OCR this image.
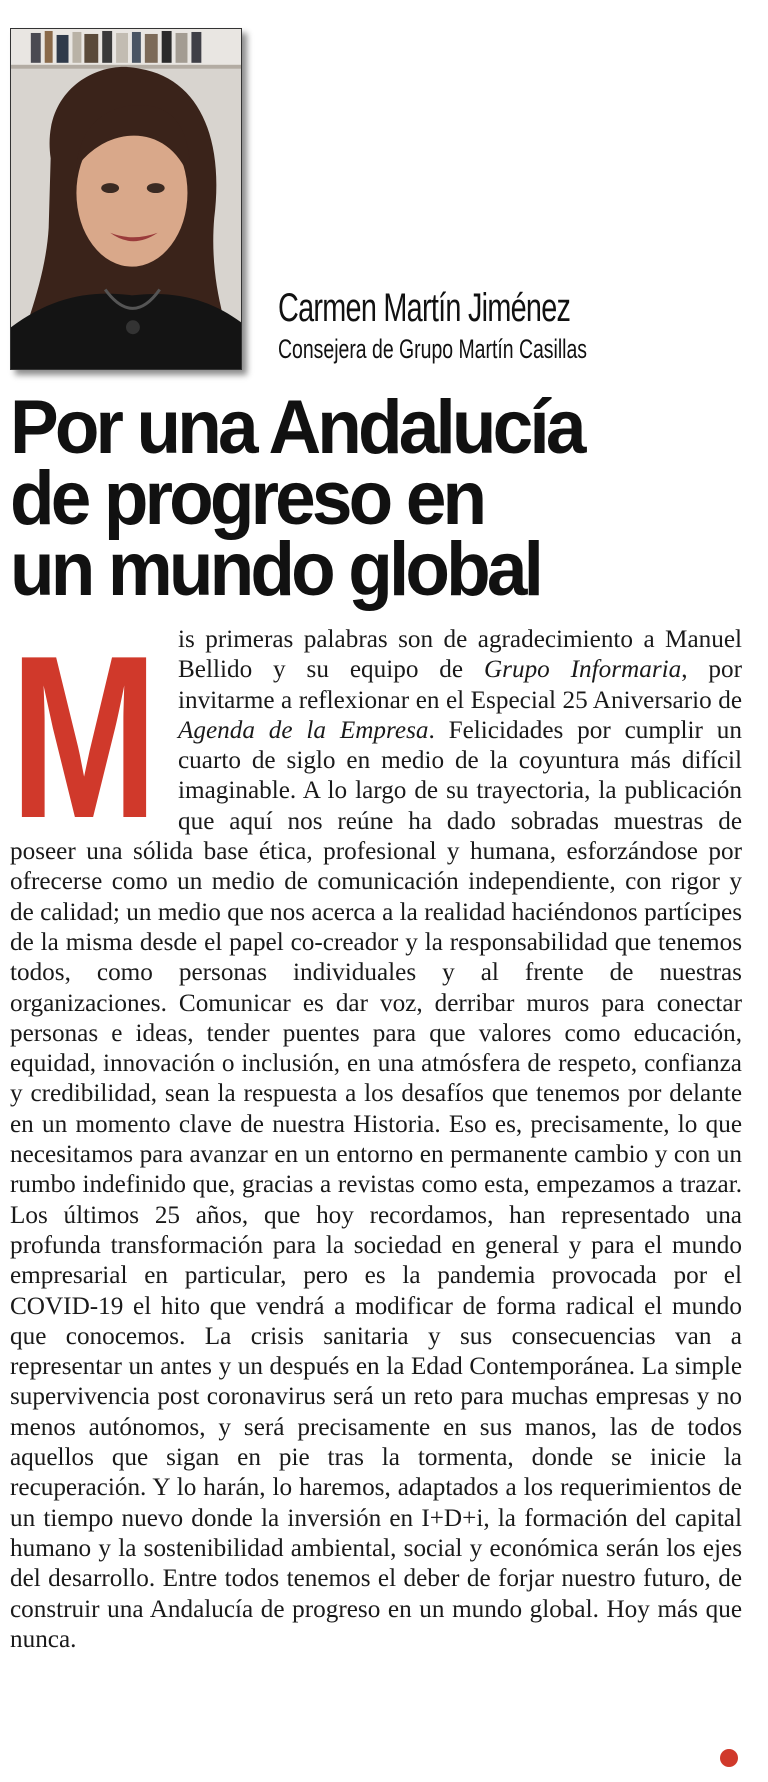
Carmen Martín Jiménez
Consejera de Grupo Martín Casillas
Por una Andalucía
de progreso en
un mundo global

M is primeras palabras son de agradecimiento a Manuel Bellido y su equipo de Grupo Informaria, por invitarme a reflexionar en el Especial 25 Aniversario de Agenda de la Empresa. Felicidades por cumplir un cuarto de siglo en medio de la coyuntura más difícil imaginable. A lo largo de su trayectoria, la publicación que aquí nos reúne ha dado sobradas muestras de poseer una sólida base ética, profesional y humana, esforzándose por ofrecerse como un medio de comunicación independiente, con rigor y de calidad; un medio que nos acerca a la realidad haciéndonos partícipes de la misma desde el papel co-creador y la responsabilidad que tenemos todos, como personas individuales y al frente de nuestras organizaciones. Comunicar es dar voz, derribar muros para conectar personas e ideas, tender puentes para que valores como educación, equidad, innovación o inclusión, en una atmósfera de respeto, confianza y credibilidad, sean la respuesta a los desafíos que tenemos por delante en un momento clave de nuestra Historia. Eso es, precisamente, lo que necesitamos para avanzar en un entorno en permanente cambio y con un rumbo indefinido que, gracias a revistas como esta, empezamos a trazar. Los últimos 25 años, que hoy recordamos, han representado una profunda transformación para la sociedad en general y para el mundo empresarial en particular, pero es la pandemia provocada por el COVID-19 el hito que vendrá a modificar de forma radical el mundo que conocemos. La crisis sanitaria y sus consecuencias van a representar un antes y un después en la Edad Contemporánea. La simple supervivencia post coronavirus será un reto para muchas empresas y no menos autónomos, y será precisamente en sus manos, las de todos aquellos que sigan en pie tras la tormenta, donde se inicie la recuperación. Y lo harán, lo haremos, adaptados a los requerimientos de un tiempo nuevo donde la inversión en I+D+i, la formación del capital humano y la sostenibilidad ambiental, social y económica serán los ejes del desarrollo. Entre todos tenemos el deber de forjar nuestro futuro, de construir una Andalucía de progreso en un mundo global. Hoy más que nunca.
